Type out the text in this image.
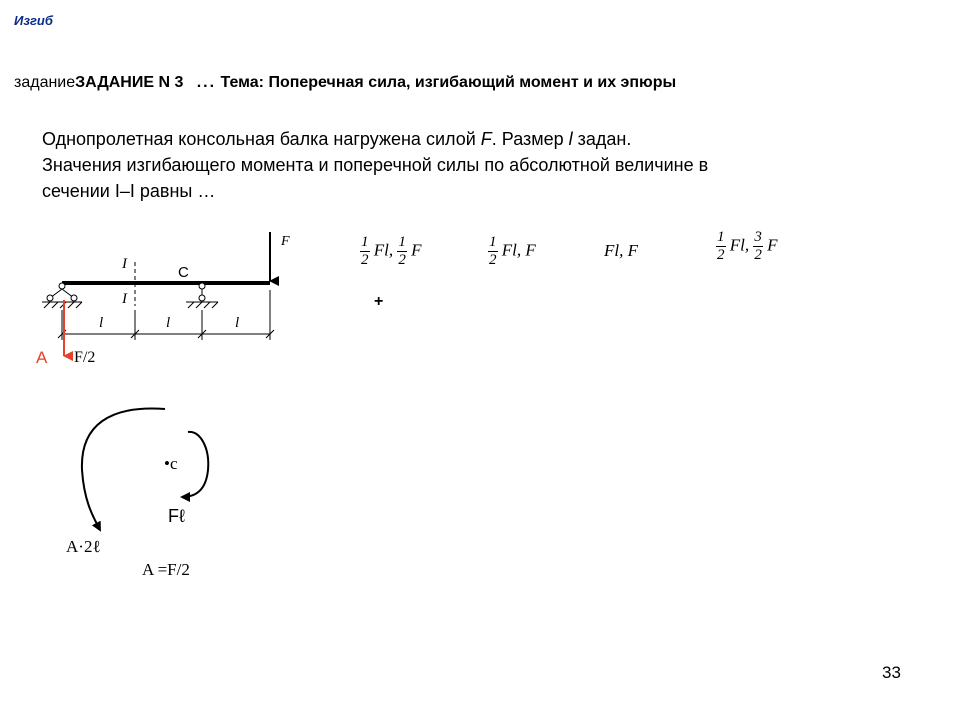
Изгиб
заданиеЗАДАНИЕ N 3 ... Тема: Поперечная сила, изгибающий момент и их эпюры

Однопролетная консольная балка нагружена силой F. Размер l задан.

Значения изгибающего момента и поперечной силы по абсолютной величине в

сечении I–I равны …

F
I
I
C
l	l	l
A F/2
•c
Fℓ
A·2ℓ
A =F/2
$\frac{1}{2} Fl$, $\frac{1}{2}$ F	$\frac{1}{2} Fl$, F	Fl, F	$\frac{1}{2} Fl$, $\frac{3}{2}$ F
+
33
